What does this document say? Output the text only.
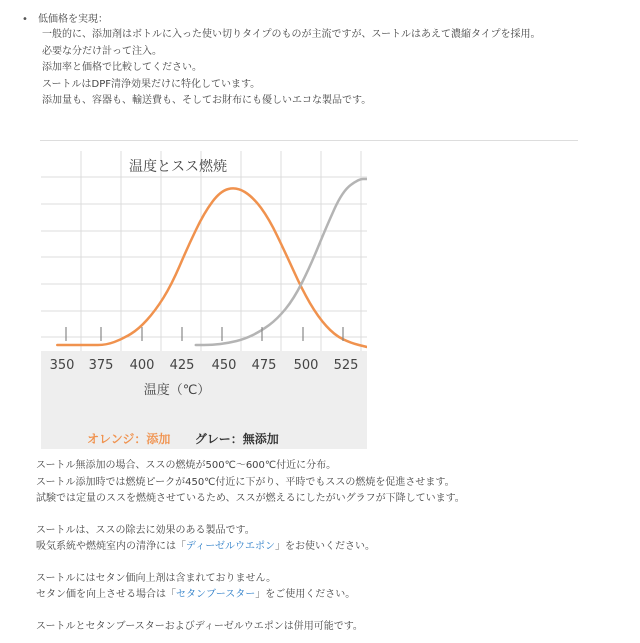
•	低価格を実現：
一般的に、添加剤はボトルに入った使い切りタイプのものが主流ですが、スートルはあえて濃縮タイプを採用。
必要な分だけ計って注入。
添加率と価格で比較してください。
スートルはDPF清浄効果だけに特化しています。
添加量も、容器も、輸送費も、そしてお財布にも優しいエコな製品です。
温度とスス燃焼
350 375 400 425 450 475 500 525
温度（℃）
オレンジ：添加 グレー：無添加
スートル無添加の場合、ススの燃焼が500℃～600℃付近に分布。
スートル添加時では燃焼ピークが450℃付近に下がり、平時でもススの燃焼を促進させます。
試験では定量のススを燃焼させているため、ススが燃えるにしたがいグラフが下降しています。
スートルは、ススの除去に効果のある製品です。
吸気系統や燃焼室内の清浄には「ディーゼルウエポン」をお使いください。
スートルにはセタン価向上剤は含まれておりません。
セタン価を向上させる場合は「セタンブースター」をご使用ください。
スートルとセタンブースターおよびディーゼルウエポンは併用可能です。
